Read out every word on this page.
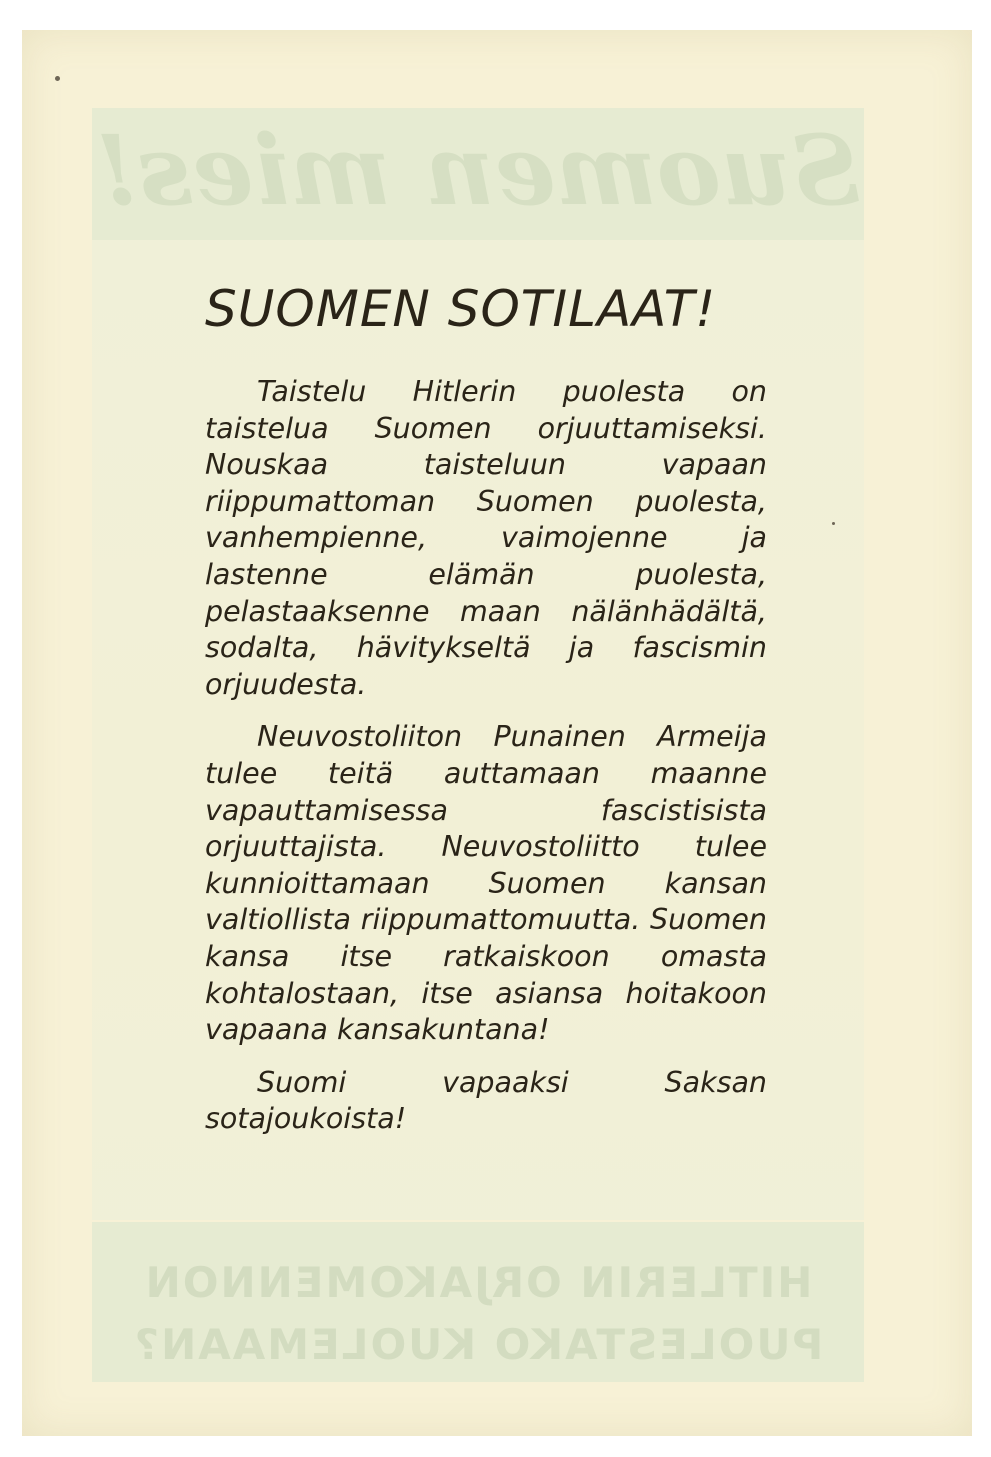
Suomen mies!
HITLERIN ORJAKOMENNON
PUOLESTAKO KUOLEMAAN?
SUOMEN SOTILAAT!

Taistelu Hitlerin puolesta on taistelua Suomen orjuuttamiseksi. Nouskaa taisteluun vapaan riippumattoman Suomen puolesta, vanhempienne, vaimojenne ja lastenne elämän puolesta, pelastaaksenne maan nälänhädältä, sodalta, hävitykseltä ja fascismin orjuudesta.

Neuvostoliiton Punainen Armeija tulee teitä auttamaan maanne vapauttamisessa fascistisista orjuuttajista. Neuvostoliitto tulee kunnioittamaan Suomen kansan valtiollista riippumattomuutta. Suomen kansa itse ratkaiskoon omasta kohtalostaan, itse asiansa hoitakoon vapaana kansakuntana!

Suomi vapaaksi Saksan sotajoukoista!
